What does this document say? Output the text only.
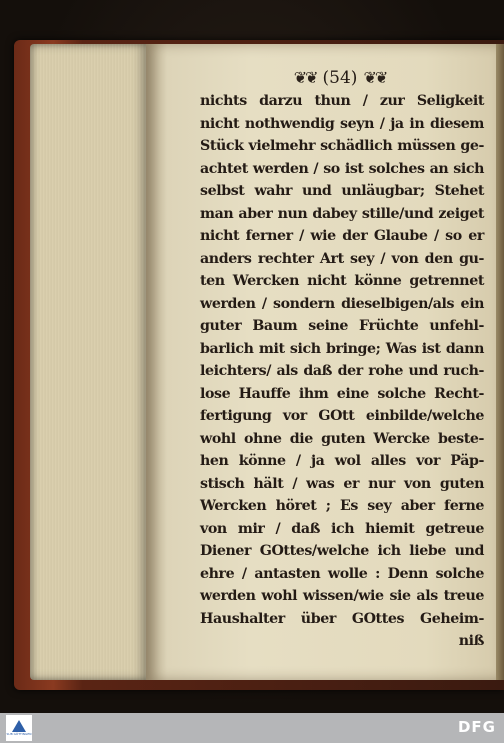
❦❦ (54) ❦❦
nichts darzu thun / zur Seligkeit
nicht nothwendig seyn / ja in diesem
Stück vielmehr schädlich müssen ge-
achtet werden / so ist solches an sich
selbst wahr und unläugbar; Stehet
man aber nun dabey stille/und zeiget
nicht ferner / wie der Glaube / so er
anders rechter Art sey / von den gu-
ten Wercken nicht könne getrennet
werden / sondern dieselbigen/als ein
guter Baum seine Früchte unfehl-
barlich mit sich bringe; Was ist dann
leichters/ als daß der rohe und ruch-
lose Hauffe ihm eine solche Recht-
fertigung vor GOtt einbilde/welche
wohl ohne die guten Wercke beste-
hen könne / ja wol alles vor Päp-
stisch hält / was er nur von guten
Wercken höret ; Es sey aber ferne
von mir / daß ich hiemit getreue
Diener GOttes/welche ich liebe und
ehre / antasten wolle : Denn solche
werden wohl wissen/wie sie als treue
Haushalter über GOttes Geheim-
niß
SUB GÖTTINGEN	DFG
